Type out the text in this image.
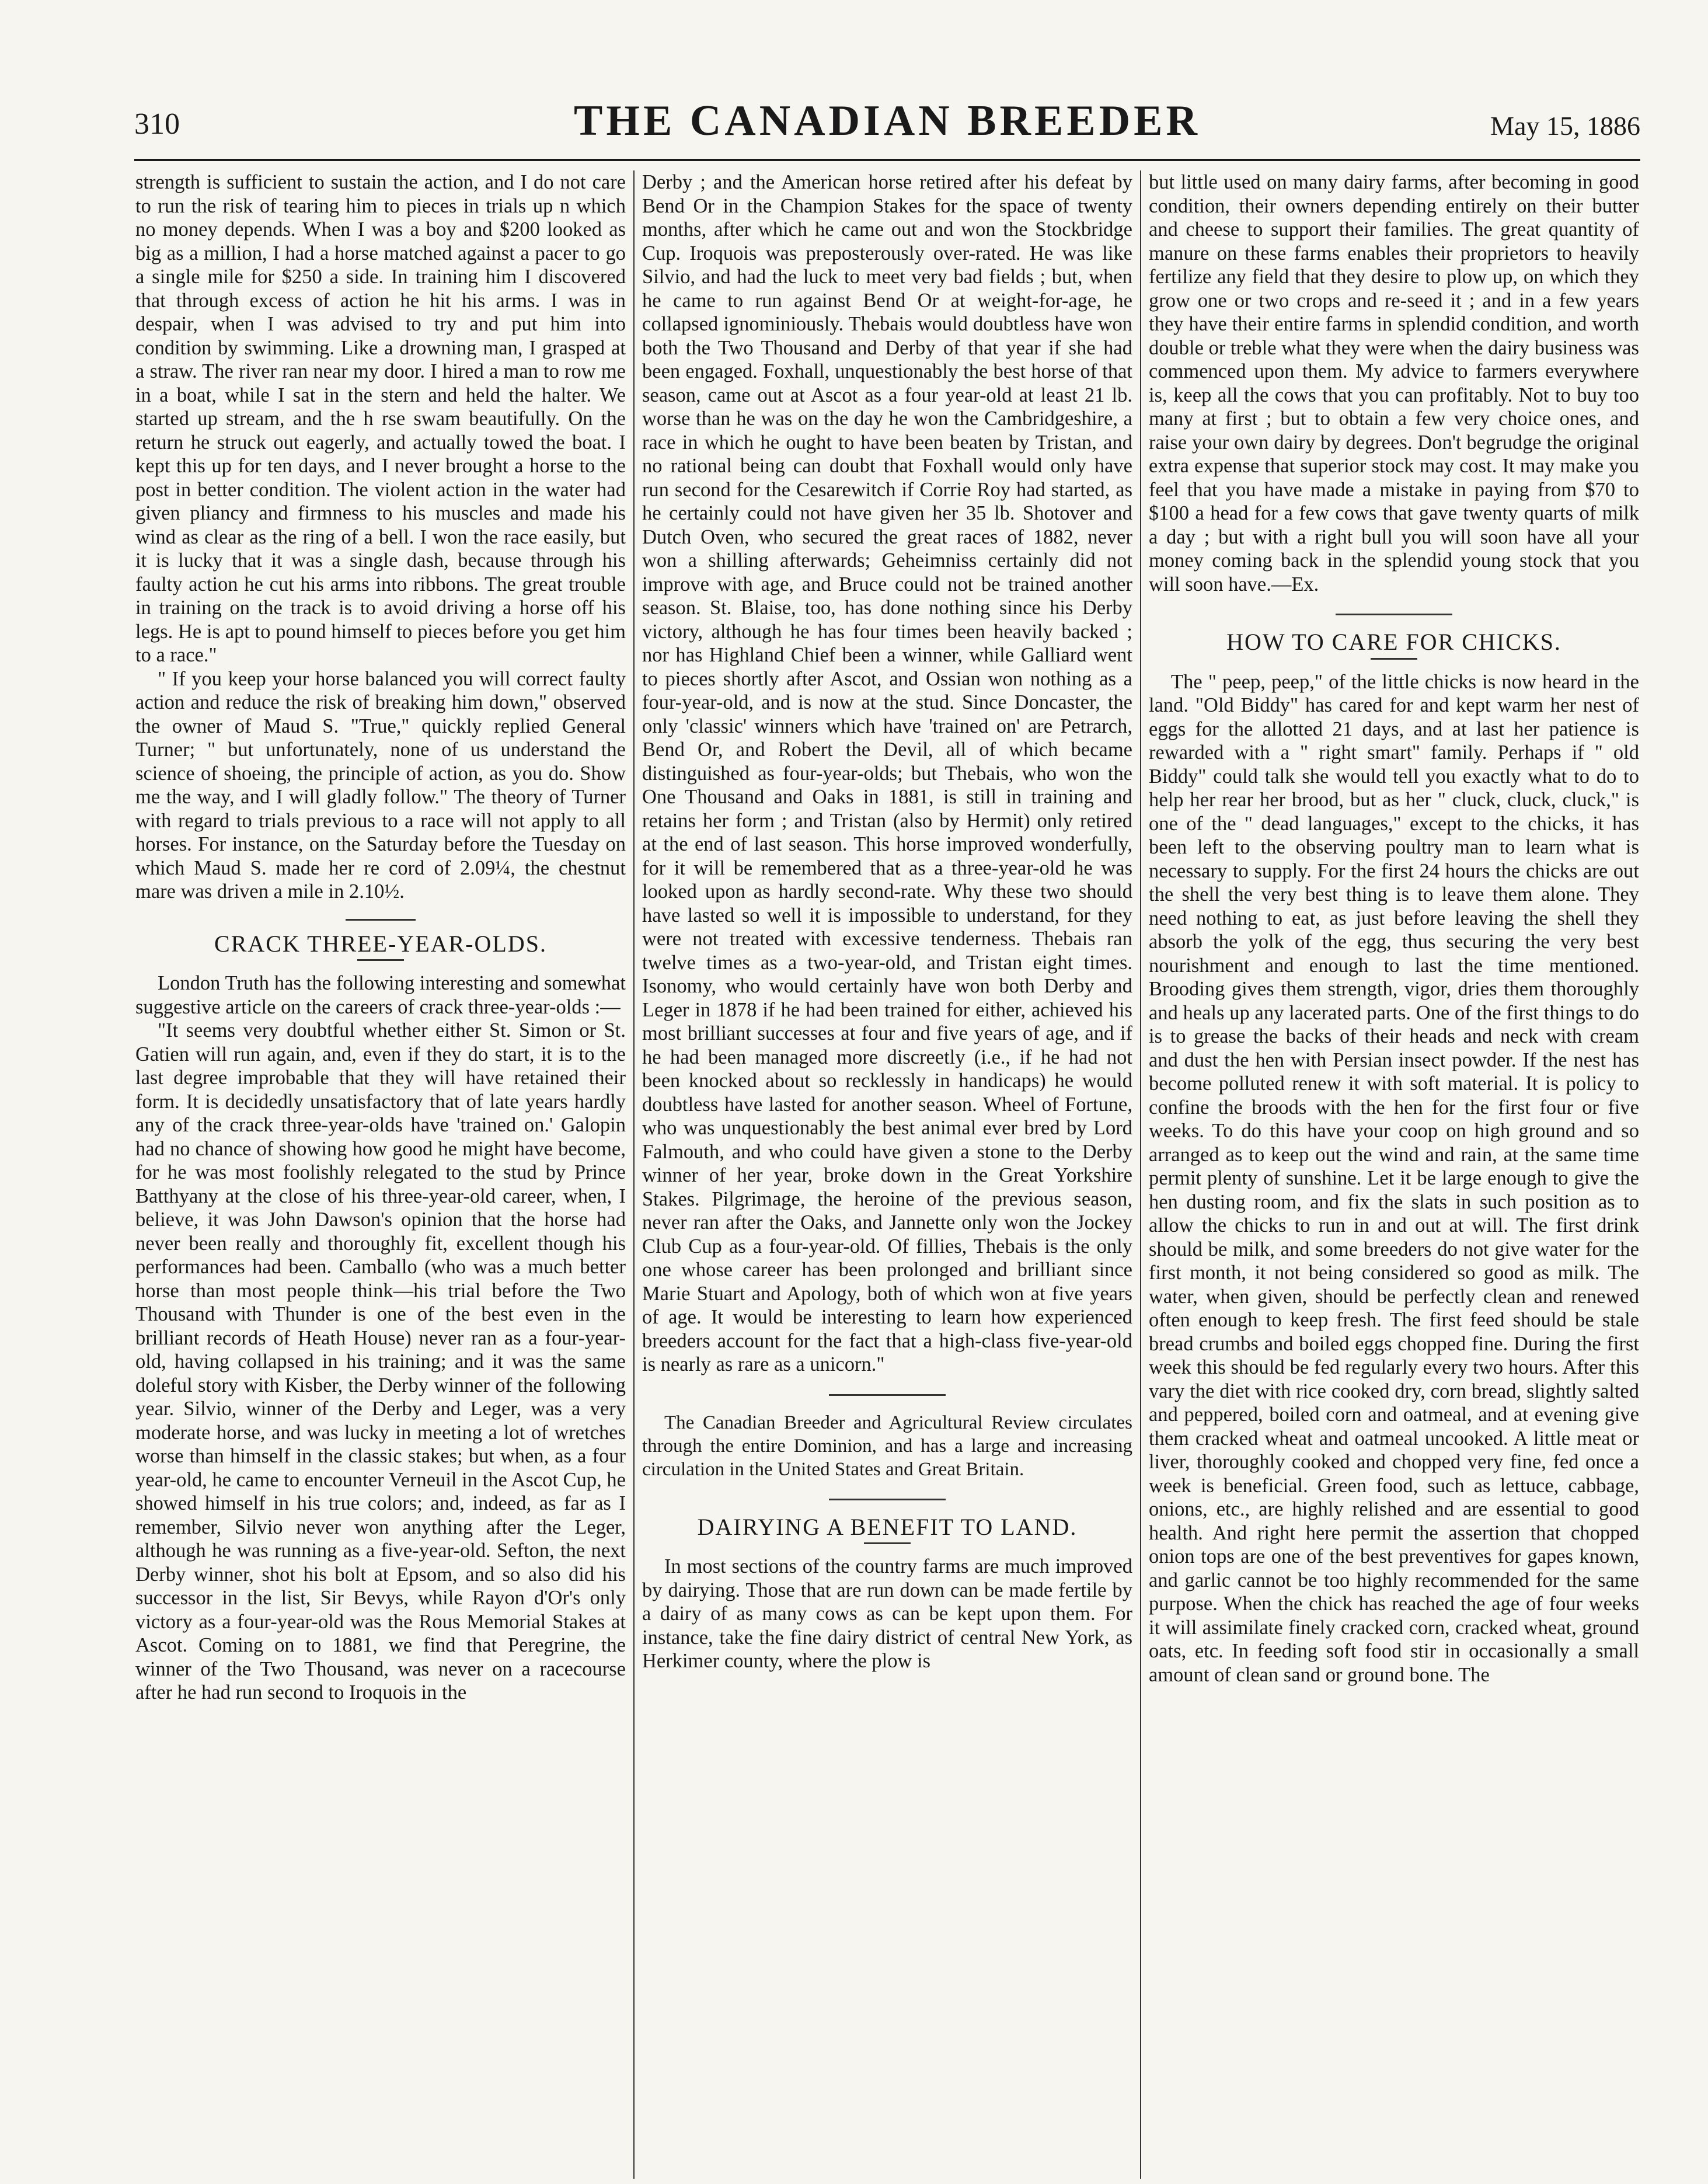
310	THE CANADIAN BREEDER	May 15, 1886

strength is sufficient to sustain the action, and I do not care to run the risk of tearing him to pieces in trials up n which no money depends. When I was a boy and $200 looked as big as a million, I had a horse matched against a pacer to go a single mile for $250 a side. In training him I discovered that through excess of action he hit his arms. I was in despair, when I was advised to try and put him into condition by swimming. Like a drowning man, I grasped at a straw. The river ran near my door. I hired a man to row me in a boat, while I sat in the stern and held the halter. We started up stream, and the h rse swam beautifully. On the return he struck out eagerly, and actually towed the boat. I kept this up for ten days, and I never brought a horse to the post in better condition. The violent action in the water had given pliancy and firmness to his muscles and made his wind as clear as the ring of a bell. I won the race easily, but it is lucky that it was a single dash, because through his faulty action he cut his arms into ribbons. The great trouble in training on the track is to avoid driving a horse off his legs. He is apt to pound himself to pieces before you get him to a race."

" If you keep your horse balanced you will correct faulty action and reduce the risk of breaking him down," observed the owner of Maud S. "True," quickly replied General Turner; " but unfortunately, none of us understand the science of shoeing, the principle of action, as you do. Show me the way, and I will gladly follow." The theory of Turner with regard to trials previous to a race will not apply to all horses. For instance, on the Saturday before the Tuesday on which Maud S. made her re cord of 2.09¼, the chestnut mare was driven a mile in 2.10½.

CRACK THREE-YEAR-OLDS.

London Truth has the following interesting and somewhat suggestive article on the careers of crack three-year-olds :—

"It seems very doubtful whether either St. Simon or St. Gatien will run again, and, even if they do start, it is to the last degree improbable that they will have retained their form. It is decidedly unsatisfactory that of late years hardly any of the crack three-year-olds have 'trained on.' Galopin had no chance of showing how good he might have become, for he was most foolishly relegated to the stud by Prince Batthyany at the close of his three-year-old career, when, I believe, it was John Dawson's opinion that the horse had never been really and thoroughly fit, excellent though his performances had been. Camballo (who was a much better horse than most people think—his trial before the Two Thousand with Thunder is one of the best even in the brilliant records of Heath House) never ran as a four-year-old, having collapsed in his training; and it was the same doleful story with Kisber, the Derby winner of the following year. Silvio, winner of the Derby and Leger, was a very moderate horse, and was lucky in meeting a lot of wretches worse than himself in the classic stakes; but when, as a four year-old, he came to encounter Verneuil in the Ascot Cup, he showed himself in his true colors; and, indeed, as far as I remember, Silvio never won anything after the Leger, although he was running as a five-year-old. Sefton, the next Derby winner, shot his bolt at Epsom, and so also did his successor in the list, Sir Bevys, while Rayon d'Or's only victory as a four-year-old was the Rous Memorial Stakes at Ascot. Coming on to 1881, we find that Peregrine, the winner of the Two Thousand, was never on a racecourse after he had run second to Iroquois in the

Derby ; and the American horse retired after his defeat by Bend Or in the Champion Stakes for the space of twenty months, after which he came out and won the Stockbridge Cup. Iroquois was preposterously over-rated. He was like Silvio, and had the luck to meet very bad fields ; but, when he came to run against Bend Or at weight-for-age, he collapsed ignominiously. Thebais would doubtless have won both the Two Thousand and Derby of that year if she had been engaged. Foxhall, unquestionably the best horse of that season, came out at Ascot as a four year-old at least 21 lb. worse than he was on the day he won the Cambridgeshire, a race in which he ought to have been beaten by Tristan, and no rational being can doubt that Foxhall would only have run second for the Cesarewitch if Corrie Roy had started, as he certainly could not have given her 35 lb. Shotover and Dutch Oven, who secured the great races of 1882, never won a shilling afterwards; Geheimniss certainly did not improve with age, and Bruce could not be trained another season. St. Blaise, too, has done nothing since his Derby victory, although he has four times been heavily backed ; nor has Highland Chief been a winner, while Galliard went to pieces shortly after Ascot, and Ossian won nothing as a four-year-old, and is now at the stud. Since Doncaster, the only 'classic' winners which have 'trained on' are Petrarch, Bend Or, and Robert the Devil, all of which became distinguished as four-year-olds; but Thebais, who won the One Thousand and Oaks in 1881, is still in training and retains her form ; and Tristan (also by Hermit) only retired at the end of last season. This horse improved wonderfully, for it will be remembered that as a three-year-old he was looked upon as hardly second-rate. Why these two should have lasted so well it is impossible to understand, for they were not treated with excessive tenderness. Thebais ran twelve times as a two-year-old, and Tristan eight times. Isonomy, who would certainly have won both Derby and Leger in 1878 if he had been trained for either, achieved his most brilliant successes at four and five years of age, and if he had been managed more discreetly (i.e., if he had not been knocked about so recklessly in handicaps) he would doubtless have lasted for another season. Wheel of Fortune, who was unquestionably the best animal ever bred by Lord Falmouth, and who could have given a stone to the Derby winner of her year, broke down in the Great Yorkshire Stakes. Pilgrimage, the heroine of the previous season, never ran after the Oaks, and Jannette only won the Jockey Club Cup as a four-year-old. Of fillies, Thebais is the only one whose career has been prolonged and brilliant since Marie Stuart and Apology, both of which won at five years of age. It would be interesting to learn how experienced breeders account for the fact that a high-class five-year-old is nearly as rare as a unicorn."

The Canadian Breeder and Agricultural Review circulates through the entire Dominion, and has a large and increasing circulation in the United States and Great Britain.

DAIRYING A BENEFIT TO LAND.

In most sections of the country farms are much improved by dairying. Those that are run down can be made fertile by a dairy of as many cows as can be kept upon them. For instance, take the fine dairy district of central New York, as Herkimer county, where the plow is

but little used on many dairy farms, after becoming in good condition, their owners depending entirely on their butter and cheese to support their families. The great quantity of manure on these farms enables their proprietors to heavily fertilize any field that they desire to plow up, on which they grow one or two crops and re-seed it ; and in a few years they have their entire farms in splendid condition, and worth double or treble what they were when the dairy business was commenced upon them. My advice to farmers everywhere is, keep all the cows that you can profitably. Not to buy too many at first ; but to obtain a few very choice ones, and raise your own dairy by degrees. Don't begrudge the original extra expense that superior stock may cost. It may make you feel that you have made a mistake in paying from $70 to $100 a head for a few cows that gave twenty quarts of milk a day ; but with a right bull you will soon have all your money coming back in the splendid young stock that you will soon have.—Ex.

HOW TO CARE FOR CHICKS.

The " peep, peep," of the little chicks is now heard in the land. "Old Biddy" has cared for and kept warm her nest of eggs for the allotted 21 days, and at last her patience is rewarded with a " right smart" family. Perhaps if " old Biddy" could talk she would tell you exactly what to do to help her rear her brood, but as her " cluck, cluck, cluck," is one of the " dead languages," except to the chicks, it has been left to the observing poultry man to learn what is necessary to supply. For the first 24 hours the chicks are out the shell the very best thing is to leave them alone. They need nothing to eat, as just before leaving the shell they absorb the yolk of the egg, thus securing the very best nourishment and enough to last the time mentioned. Brooding gives them strength, vigor, dries them thoroughly and heals up any lacerated parts. One of the first things to do is to grease the backs of their heads and neck with cream and dust the hen with Persian insect powder. If the nest has become polluted renew it with soft material. It is policy to confine the broods with the hen for the first four or five weeks. To do this have your coop on high ground and so arranged as to keep out the wind and rain, at the same time permit plenty of sunshine. Let it be large enough to give the hen dusting room, and fix the slats in such position as to allow the chicks to run in and out at will. The first drink should be milk, and some breeders do not give water for the first month, it not being considered so good as milk. The water, when given, should be perfectly clean and renewed often enough to keep fresh. The first feed should be stale bread crumbs and boiled eggs chopped fine. During the first week this should be fed regularly every two hours. After this vary the diet with rice cooked dry, corn bread, slightly salted and peppered, boiled corn and oatmeal, and at evening give them cracked wheat and oatmeal uncooked. A little meat or liver, thoroughly cooked and chopped very fine, fed once a week is beneficial. Green food, such as lettuce, cabbage, onions, etc., are highly relished and are essential to good health. And right here permit the assertion that chopped onion tops are one of the best preventives for gapes known, and garlic cannot be too highly recommended for the same purpose. When the chick has reached the age of four weeks it will assimilate finely cracked corn, cracked wheat, ground oats, etc. In feeding soft food stir in occasionally a small amount of clean sand or ground bone. The
